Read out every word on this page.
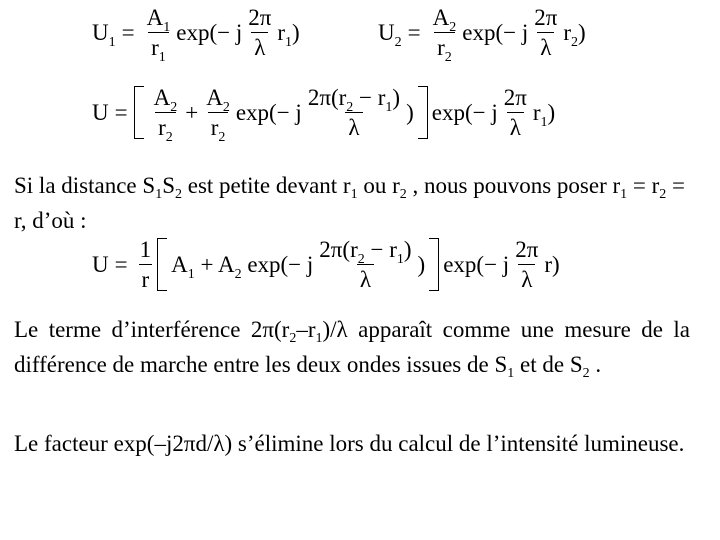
$U_1 = \frac{A_1}{r_1} \exp(- j \frac{2\pi}{\lambda} r_1)$	$U_2 = \frac{A_2}{r_2} \exp(- j \frac{2\pi}{\lambda} r_2)$
$U = \frac{A_2}{r_2} + \frac{A_2}{r_2} \exp(- j \frac{2\pi(r_2 - r_1)}{\lambda}$ ) exp(− j $\frac{2\pi}{\lambda} r_1$)
Si la distance $S_1S_2$ est petite devant $r_1$ ou $r_2$ , nous pouvons poser $r_1 = r_2 = r$, d’où :
$U = \frac{1}{r} A_1 + A_2$ exp(− j $\frac{2\pi(r_2 - r_1)}{\lambda}$ ) exp(− j $\frac{2\pi}{\lambda} r$)
Le terme d’interférence $2\pi(r_2-r_1)/\lambda$ apparaît comme une mesure de la différence de marche entre les deux ondes issues de $S_1$ et de $S_2$ .
Le facteur exp(–j2πd/λ) s’élimine lors du calcul de l’intensité lumineuse.
